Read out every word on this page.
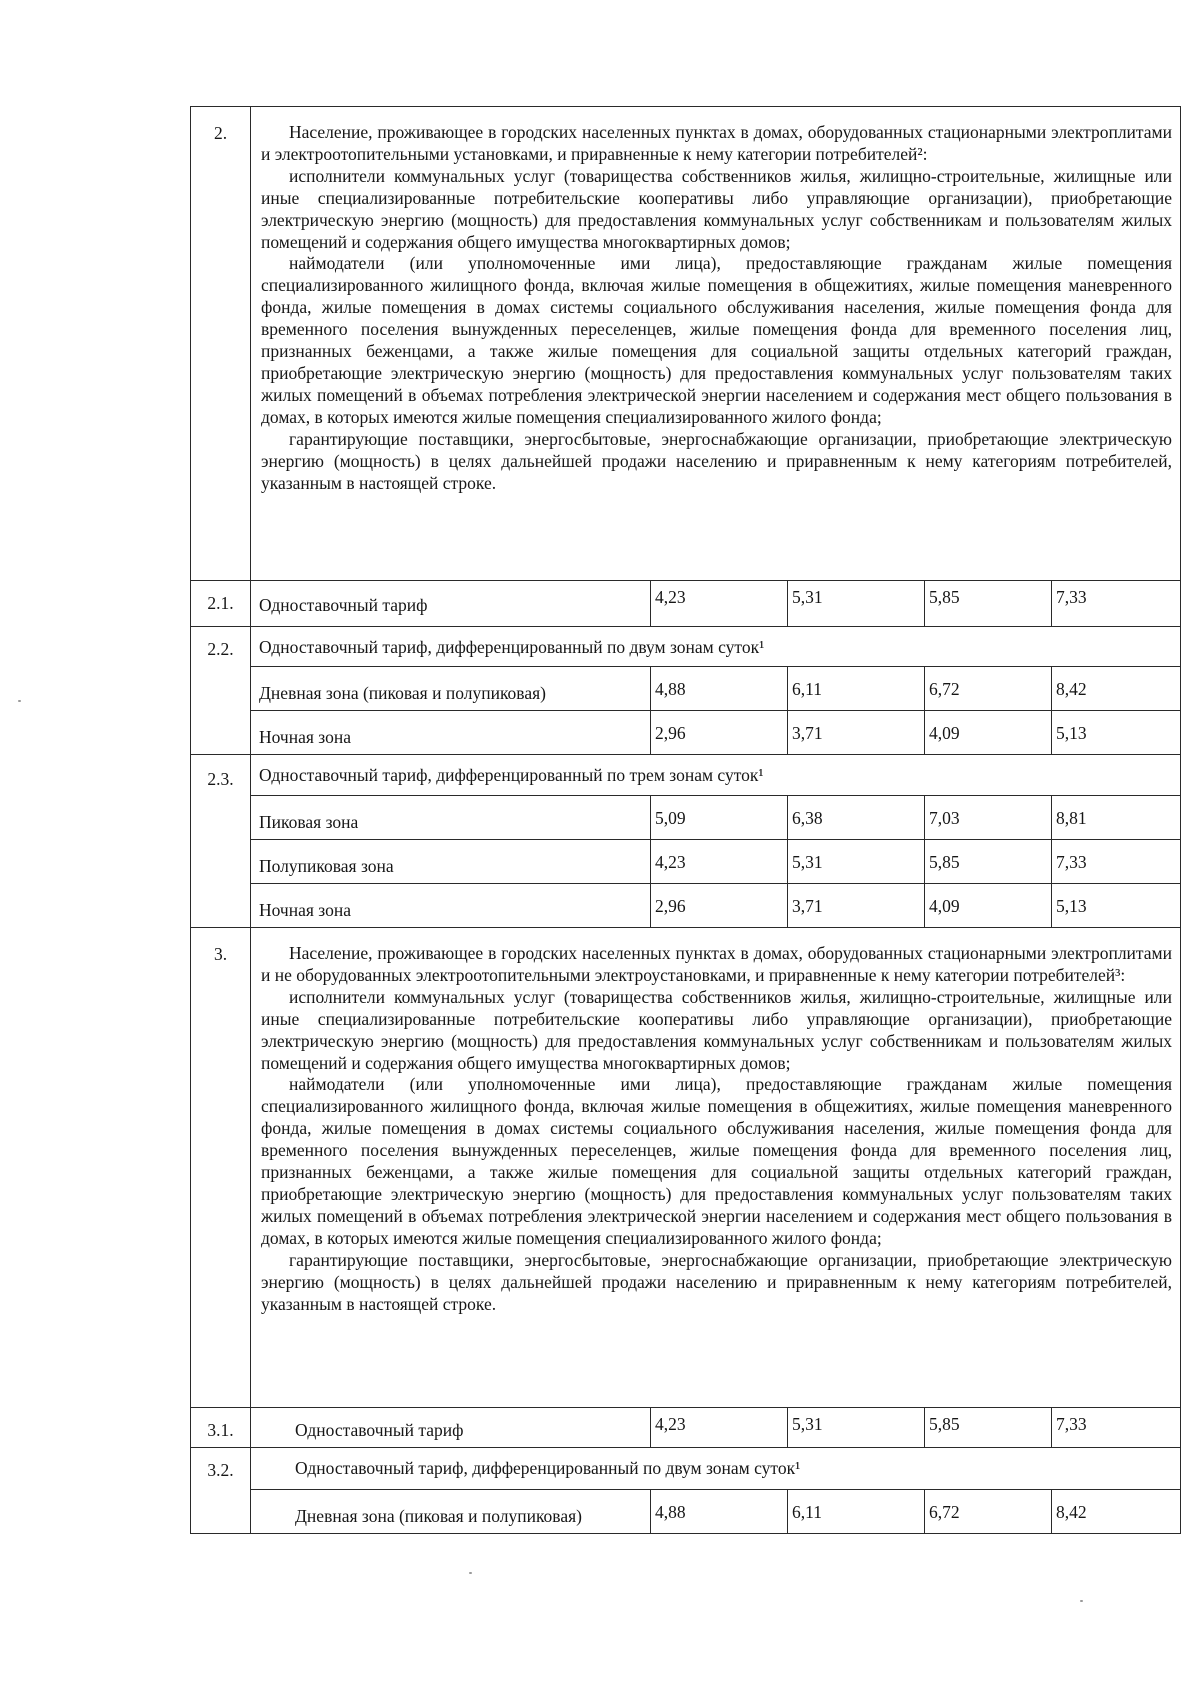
2.	Население, проживающее в городских населенных пунктах в домах, оборудованных стационарными электроплитами и электроотопительными установками, и приравненные к нему категории потребителей²:

исполнители коммунальных услуг (товарищества собственников жилья, жилищно-строительные, жилищные или иные специализированные потребительские кооперативы либо управляющие организации), приобретающие электрическую энергию (мощность) для предоставления коммунальных услуг собственникам и пользователям жилых помещений и содержания общего имущества многоквартирных домов;

наймодатели (или уполномоченные ими лица), предоставляющие гражданам жилые помещения специализированного жилищного фонда, включая жилые помещения в общежитиях, жилые помещения маневренного фонда, жилые помещения в домах системы социального обслуживания населения, жилые помещения фонда для временного поселения вынужденных переселенцев, жилые помещения фонда для временного поселения лиц, признанных беженцами, а также жилые помещения для социальной защиты отдельных категорий граждан, приобретающие электрическую энергию (мощность) для предоставления коммунальных услуг пользователям таких жилых помещений в объемах потребления электрической энергии населением и содержания мест общего пользования в домах, в которых имеются жилые помещения специализированного жилого фонда;

гарантирующие поставщики, энергосбытовые, энергоснабжающие организации, приобретающие электрическую энергию (мощность) в целях дальнейшей продажи населению и приравненным к нему категориям потребителей, указанным в настоящей строке.				

2.1.	Одноставочный тариф	4,23	5,31	5,85	7,33
2.2.	Одноставочный тариф, дифференцированный по двум зонам суток¹				
	Дневная зона (пиковая и полупиковая)	4,88	6,11	6,72	8,42
	Ночная зона	2,96	3,71	4,09	5,13
2.3.	Одноставочный тариф, дифференцированный по трем зонам суток¹				
	Пиковая зона	5,09	6,38	7,03	8,81
	Полупиковая зона	4,23	5,31	5,85	7,33
	Ночная зона	2,96	3,71	4,09	5,13
3.	Население, проживающее в городских населенных пунктах в домах, оборудованных стационарными электроплитами и не оборудованных электроотопительными электроустановками, и приравненные к нему категории потребителей³:

исполнители коммунальных услуг (товарищества собственников жилья, жилищно-строительные, жилищные или иные специализированные потребительские кооперативы либо управляющие организации), приобретающие электрическую энергию (мощность) для предоставления коммунальных услуг собственникам и пользователям жилых помещений и содержания общего имущества многоквартирных домов;

наймодатели (или уполномоченные ими лица), предоставляющие гражданам жилые помещения специализированного жилищного фонда, включая жилые помещения в общежитиях, жилые помещения маневренного фонда, жилые помещения в домах системы социального обслуживания населения, жилые помещения фонда для временного поселения вынужденных переселенцев, жилые помещения фонда для временного поселения лиц, признанных беженцами, а также жилые помещения для социальной защиты отдельных категорий граждан, приобретающие электрическую энергию (мощность) для предоставления коммунальных услуг пользователям таких жилых помещений в объемах потребления электрической энергии населением и содержания мест общего пользования в домах, в которых имеются жилые помещения специализированного жилого фонда;

гарантирующие поставщики, энергосбытовые, энергоснабжающие организации, приобретающие электрическую энергию (мощность) в целях дальнейшей продажи населению и приравненным к нему категориям потребителей, указанным в настоящей строке.				

3.1.	Одноставочный тариф	4,23	5,31	5,85	7,33
3.2.	Одноставочный тариф, дифференцированный по двум зонам суток¹				
	Дневная зона (пиковая и полупиковая)	4,88	6,11	6,72	8,42
